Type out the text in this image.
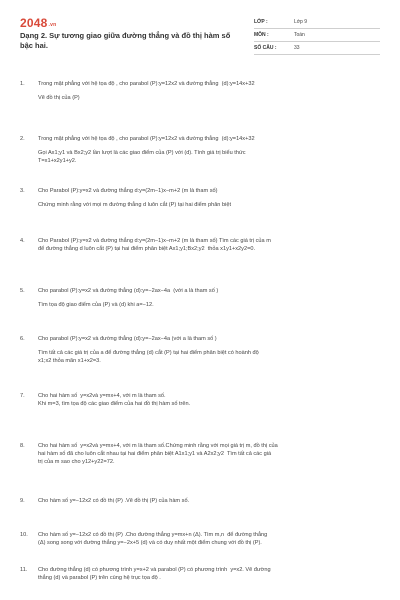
2048.vn
Dạng 2. Sự tương giao giữa đường thẳng và đồ thị hàm số
bậc hai.
LỚP :	Lớp 9
MÔN :	Toán
SỐ CÂU :	33
1.	Trong mặt phẳng với hệ tọa độ , cho parabol (P):y=12x2 và đường thẳng  (d):y=14x+32
Vẽ đồ thị của (P)
2.	Trong mặt phẳng với hệ tọa độ , cho parabol (P):y=12x2 và đường thẳng  (d):y=14x+32
Gọi Ax1;y1 và Bx2;y2 lần lượt là các giao điểm của (P) với (d). Tính giá trị biểu thức
T=x1+x2y1+y2.
3.	Cho Parabol (P):y=x2 và đường thẳng d:y=(2m−1)x−m+2 (m là tham số)
Chứng minh rằng với mọi m đường thẳng d luôn cắt (P) tại hai điểm phân biệt
4.	Cho Parabol (P):y=x2 và đường thẳng d:y=(2m−1)x−m+2 (m là tham số) Tìm các giá trị của m
để đường thẳng d luôn cắt (P) tại hai điểm phân biệt Ax1;y1;Bx2;y2  thỏa x1y1+x2y2=0.
5.	Cho parabol (P):y=x2 và đường thẳng (d):y=−2ax−4a  (với a là tham số )
Tìm tọa độ giao điểm của (P) và (d) khi a=−12.
6.	Cho parabol (P):y=x2 và đường thẳng (d):y=−2ax−4a (với a là tham số )
Tìm tất cả các giá trị của a để đường thẳng (d) cắt (P) tại hai điểm phân biệt có hoành độ
x1;x2 thỏa mãn x1+x2=3.
7.	Cho hai hàm số  y=x2và y=mx+4, với m là tham số.
Khi m=3, tìm tọa độ các giao điểm của hai đồ thị hàm số trên.
8.	Cho hai hàm số  y=x2và y=mx+4, với m là tham số.Chứng minh rằng với mọi giá trị m, đồ thị của
hai hàm số đã cho luôn cắt nhau tại hai điểm phân biệt A1x1;y1 và A2x2;y2  Tìm tất cả các giá
trị của m sao cho y12+y22=72.
9.	Cho hàm số y=−12x2 có đồ thị (P) .Vẽ đồ thị (P) của hàm số.
10.	Cho hàm số y=−12x2 có đồ thị (P) .Cho đường thẳng y=mx+n (Δ). Tìm m,n  để đường thẳng
(Δ) song song với đường thẳng y=−2x+5 (d) và có duy nhất một điểm chung với đồ thị (P).
11.	Cho đường thẳng (d) có phương trình y=x+2 và parabol (P) có phương trình  y=x2. Vẽ đường
thẳng (d) và parabol (P) trên cùng hệ trục tọa độ .
